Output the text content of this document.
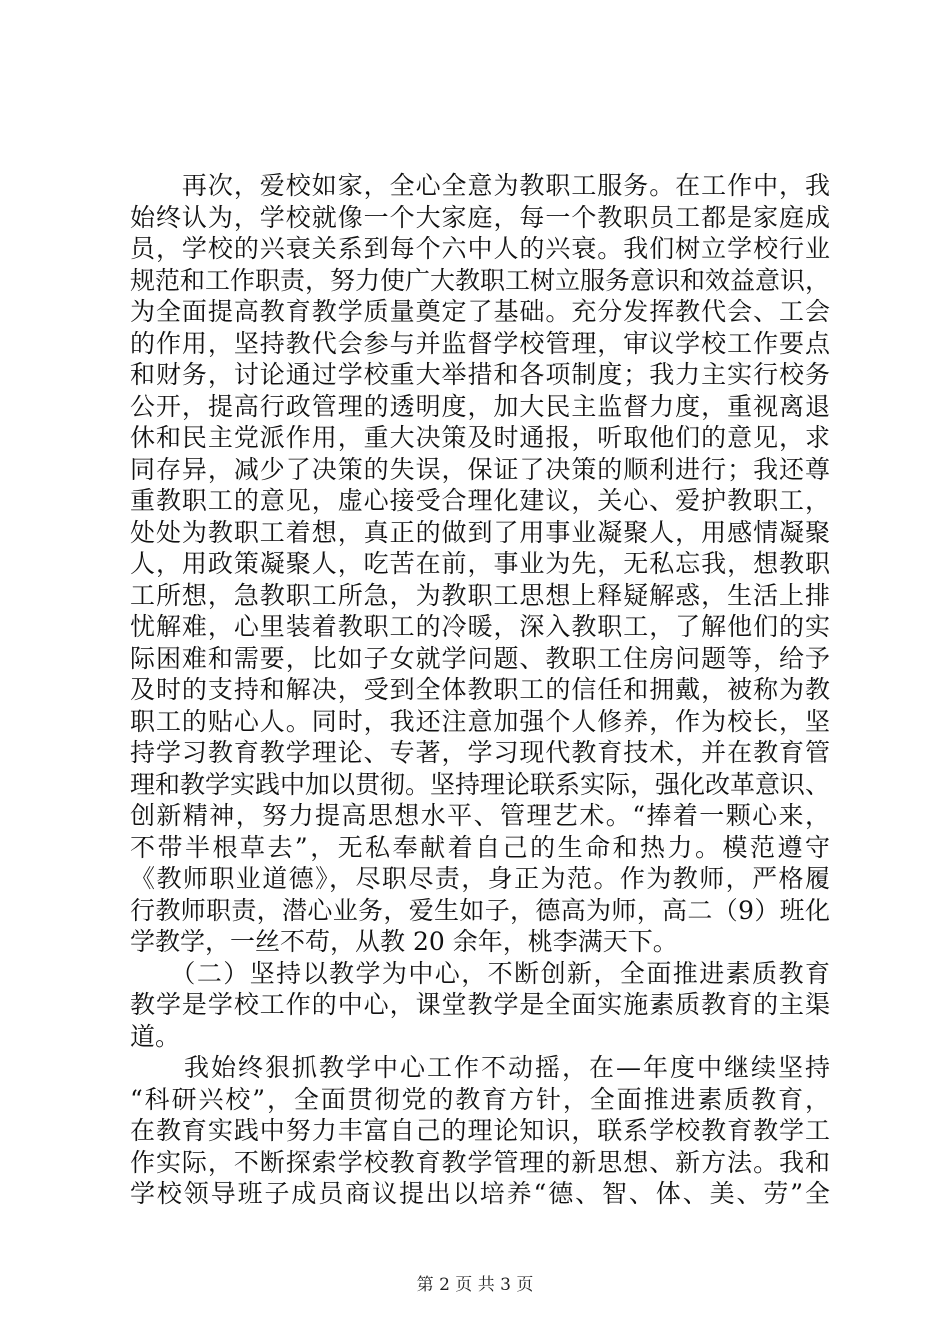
　　再次，爱校如家，全心全意为教职工服务。在工作中，我
始终认为，学校就像一个大家庭，每一个教职员工都是家庭成
员，学校的兴衰关系到每个六中人的兴衰。我们树立学校行业
规范和工作职责，努力使广大教职工树立服务意识和效益意识，
为全面提高教育教学质量奠定了基础。充分发挥教代会、工会
的作用，坚持教代会参与并监督学校管理，审议学校工作要点
和财务，讨论通过学校重大举措和各项制度；我力主实行校务
公开，提高行政管理的透明度，加大民主监督力度，重视离退
休和民主党派作用，重大决策及时通报，听取他们的意见，求
同存异，减少了决策的失误，保证了决策的顺利进行；我还尊
重教职工的意见，虚心接受合理化建议，关心、爱护教职工，
处处为教职工着想，真正的做到了用事业凝聚人，用感情凝聚
人，用政策凝聚人，吃苦在前，事业为先，无私忘我，想教职
工所想，急教职工所急，为教职工思想上释疑解惑，生活上排
忧解难，心里装着教职工的冷暖，深入教职工，了解他们的实
际困难和需要，比如子女就学问题、教职工住房问题等，给予
及时的支持和解决，受到全体教职工的信任和拥戴，被称为教
职工的贴心人。同时，我还注意加强个人修养，作为校长，坚
持学习教育教学理论、专著，学习现代教育技术，并在教育管
理和教学实践中加以贯彻。坚持理论联系实际，强化改革意识、
创新精神，努力提高思想水平、管理艺术。“捧着一颗心来，
不带半根草去”，无私奉献着自己的生命和热力。模范遵守
《教师职业道德》，尽职尽责，身正为范。作为教师，严格履
行教师职责，潜心业务，爱生如子，德高为师，高二（9）班化
学教学，一丝不苟，从教 20 余年，桃李满天下。
　　（二）坚持以教学为中心，不断创新，全面推进素质教育
教学是学校工作的中心，课堂教学是全面实施素质教育的主渠
道。
　　我始终狠抓教学中心工作不动摇，在—年度中继续坚持
“科研兴校”，全面贯彻党的教育方针，全面推进素质教育，
在教育实践中努力丰富自己的理论知识，联系学校教育教学工
作实际，不断探索学校教育教学管理的新思想、新方法。我和
学校领导班子成员商议提出以培养“德、智、体、美、劳”全
第 2 页 共 3 页
